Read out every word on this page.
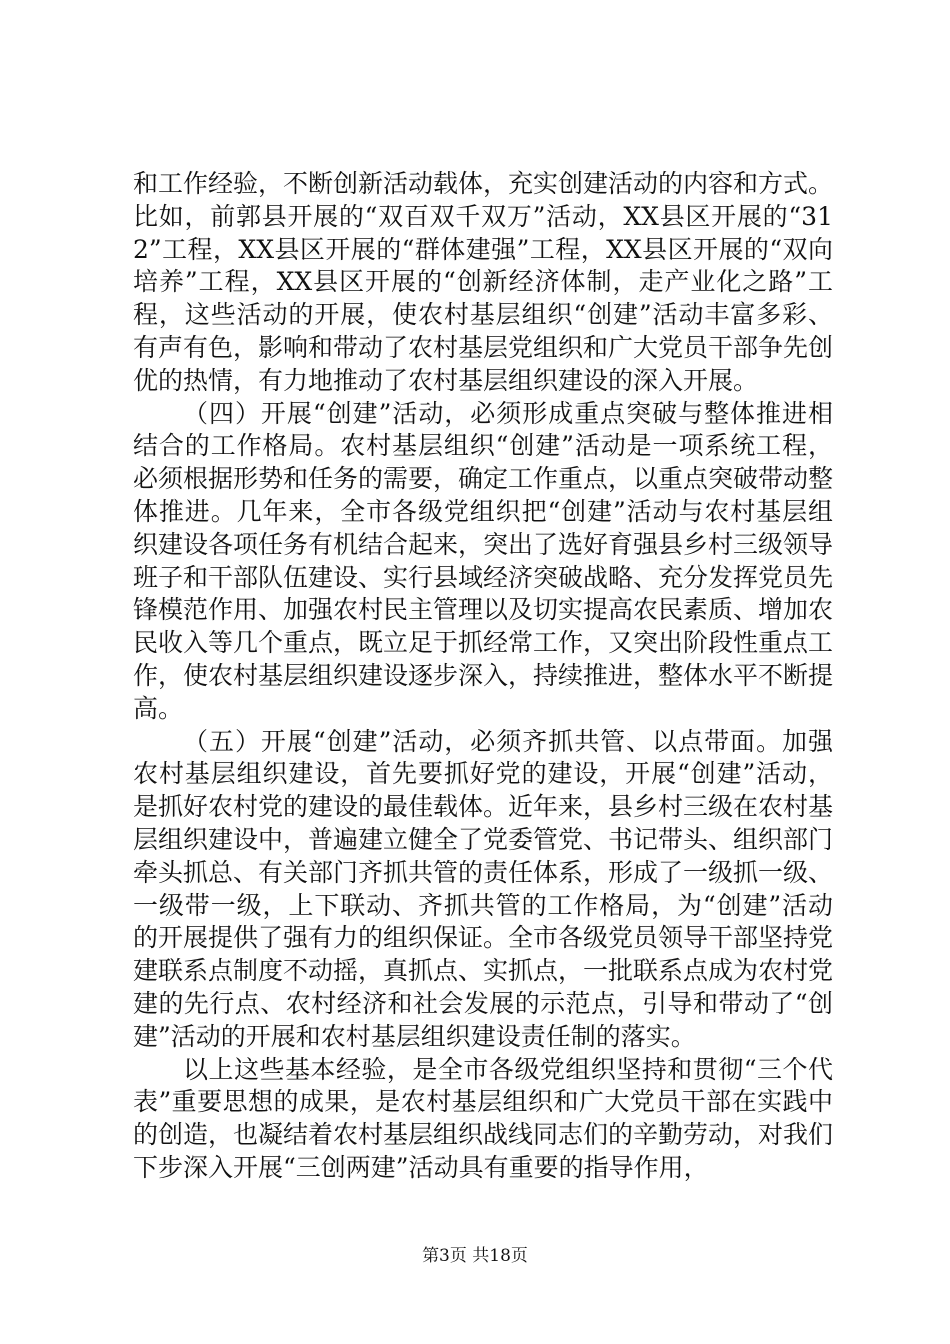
和工作经验，不断创新活动载体，充实创建活动的内容和方式。比如，前郭县开展的“双百双千双万”活动，XX县区开展的“312”工程，XX县区开展的“群体建强”工程，XX县区开展的“双向培养”工程，XX县区开展的“创新经济体制，走产业化之路”工程，这些活动的开展，使农村基层组织“创建”活动丰富多彩、有声有色，影响和带动了农村基层党组织和广大党员干部争先创优的热情，有力地推动了农村基层组织建设的深入开展。

（四）开展“创建”活动，必须形成重点突破与整体推进相结合的工作格局。农村基层组织“创建”活动是一项系统工程，必须根据形势和任务的需要，确定工作重点，以重点突破带动整体推进。几年来，全市各级党组织把“创建”活动与农村基层组织建设各项任务有机结合起来，突出了选好育强县乡村三级领导班子和干部队伍建设、实行县域经济突破战略、充分发挥党员先锋模范作用、加强农村民主管理以及切实提高农民素质、增加农民收入等几个重点，既立足于抓经常工作，又突出阶段性重点工作，使农村基层组织建设逐步深入，持续推进，整体水平不断提高。

（五）开展“创建”活动，必须齐抓共管、以点带面。加强农村基层组织建设，首先要抓好党的建设，开展“创建”活动，是抓好农村党的建设的最佳载体。近年来，县乡村三级在农村基层组织建设中，普遍建立健全了党委管党、书记带头、组织部门牵头抓总、有关部门齐抓共管的责任体系，形成了一级抓一级、一级带一级，上下联动、齐抓共管的工作格局，为“创建”活动的开展提供了强有力的组织保证。全市各级党员领导干部坚持党建联系点制度不动摇，真抓点、实抓点，一批联系点成为农村党建的先行点、农村经济和社会发展的示范点，引导和带动了“创建”活动的开展和农村基层组织建设责任制的落实。

以上这些基本经验，是全市各级党组织坚持和贯彻“三个代表”重要思想的成果，是农村基层组织和广大党员干部在实践中的创造，也凝结着农村基层组织战线同志们的辛勤劳动，对我们下步深入开展“三创两建”活动具有重要的指导作用，

第3页 共18页
